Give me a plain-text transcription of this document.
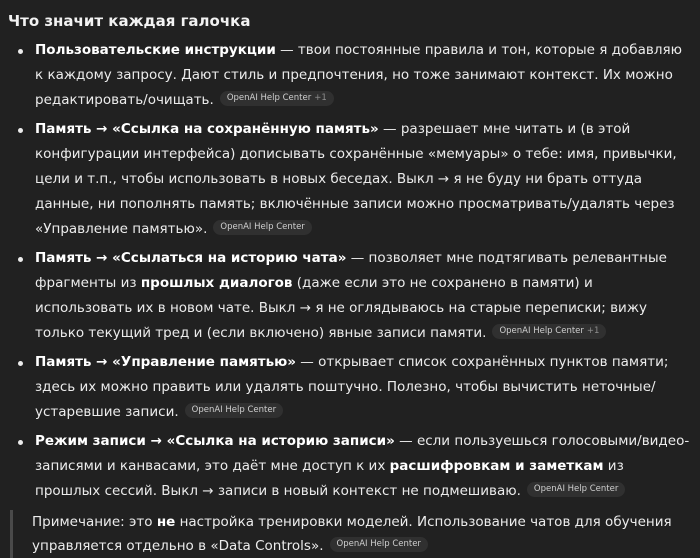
Что значит каждая галочка
Пользовательские инструкции — твои постоянные правила и тон, которые я добавляю к каждому запросу. Дают стиль и предпочтения, но тоже занимают контекст. Их можно редактировать/очищать. OpenAI Help Center +1
Память → «Ссылка на сохранённую память» — разрешает мне читать и (в этой конфигурации интерфейса) дописывать сохранённые «мемуары» о тебе: имя, привычки, цели и т.п., чтобы использовать в новых беседах. Выкл → я не буду ни брать оттуда данные, ни пополнять память; включённые записи можно просматривать/удалять через «Управление памятью». OpenAI Help Center
Память → «Ссылаться на историю чата» — позволяет мне подтягивать релевантные фрагменты из прошлых диалогов (даже если это не сохранено в памяти) и использовать их в новом чате. Выкл → я не оглядываюсь на старые переписки; вижу только текущий тред и (если включено) явные записи памяти. OpenAI Help Center +1
Память → «Управление памятью» — открывает список сохранённых пунктов памяти; здесь их можно править или удалять поштучно. Полезно, чтобы вычистить неточные/устаревшие записи. OpenAI Help Center
Режим записи → «Ссылка на историю записи» — если пользуешься голосовыми/видео-записями и канвасами, это даёт мне доступ к их расшифровкам и заметкам из прошлых сессий. Выкл → записи в новый контекст не подмешиваю. OpenAI Help Center
Примечание: это не настройка тренировки моделей. Использование чатов для обучения управляется отдельно в «Data Controls». OpenAI Help Center
